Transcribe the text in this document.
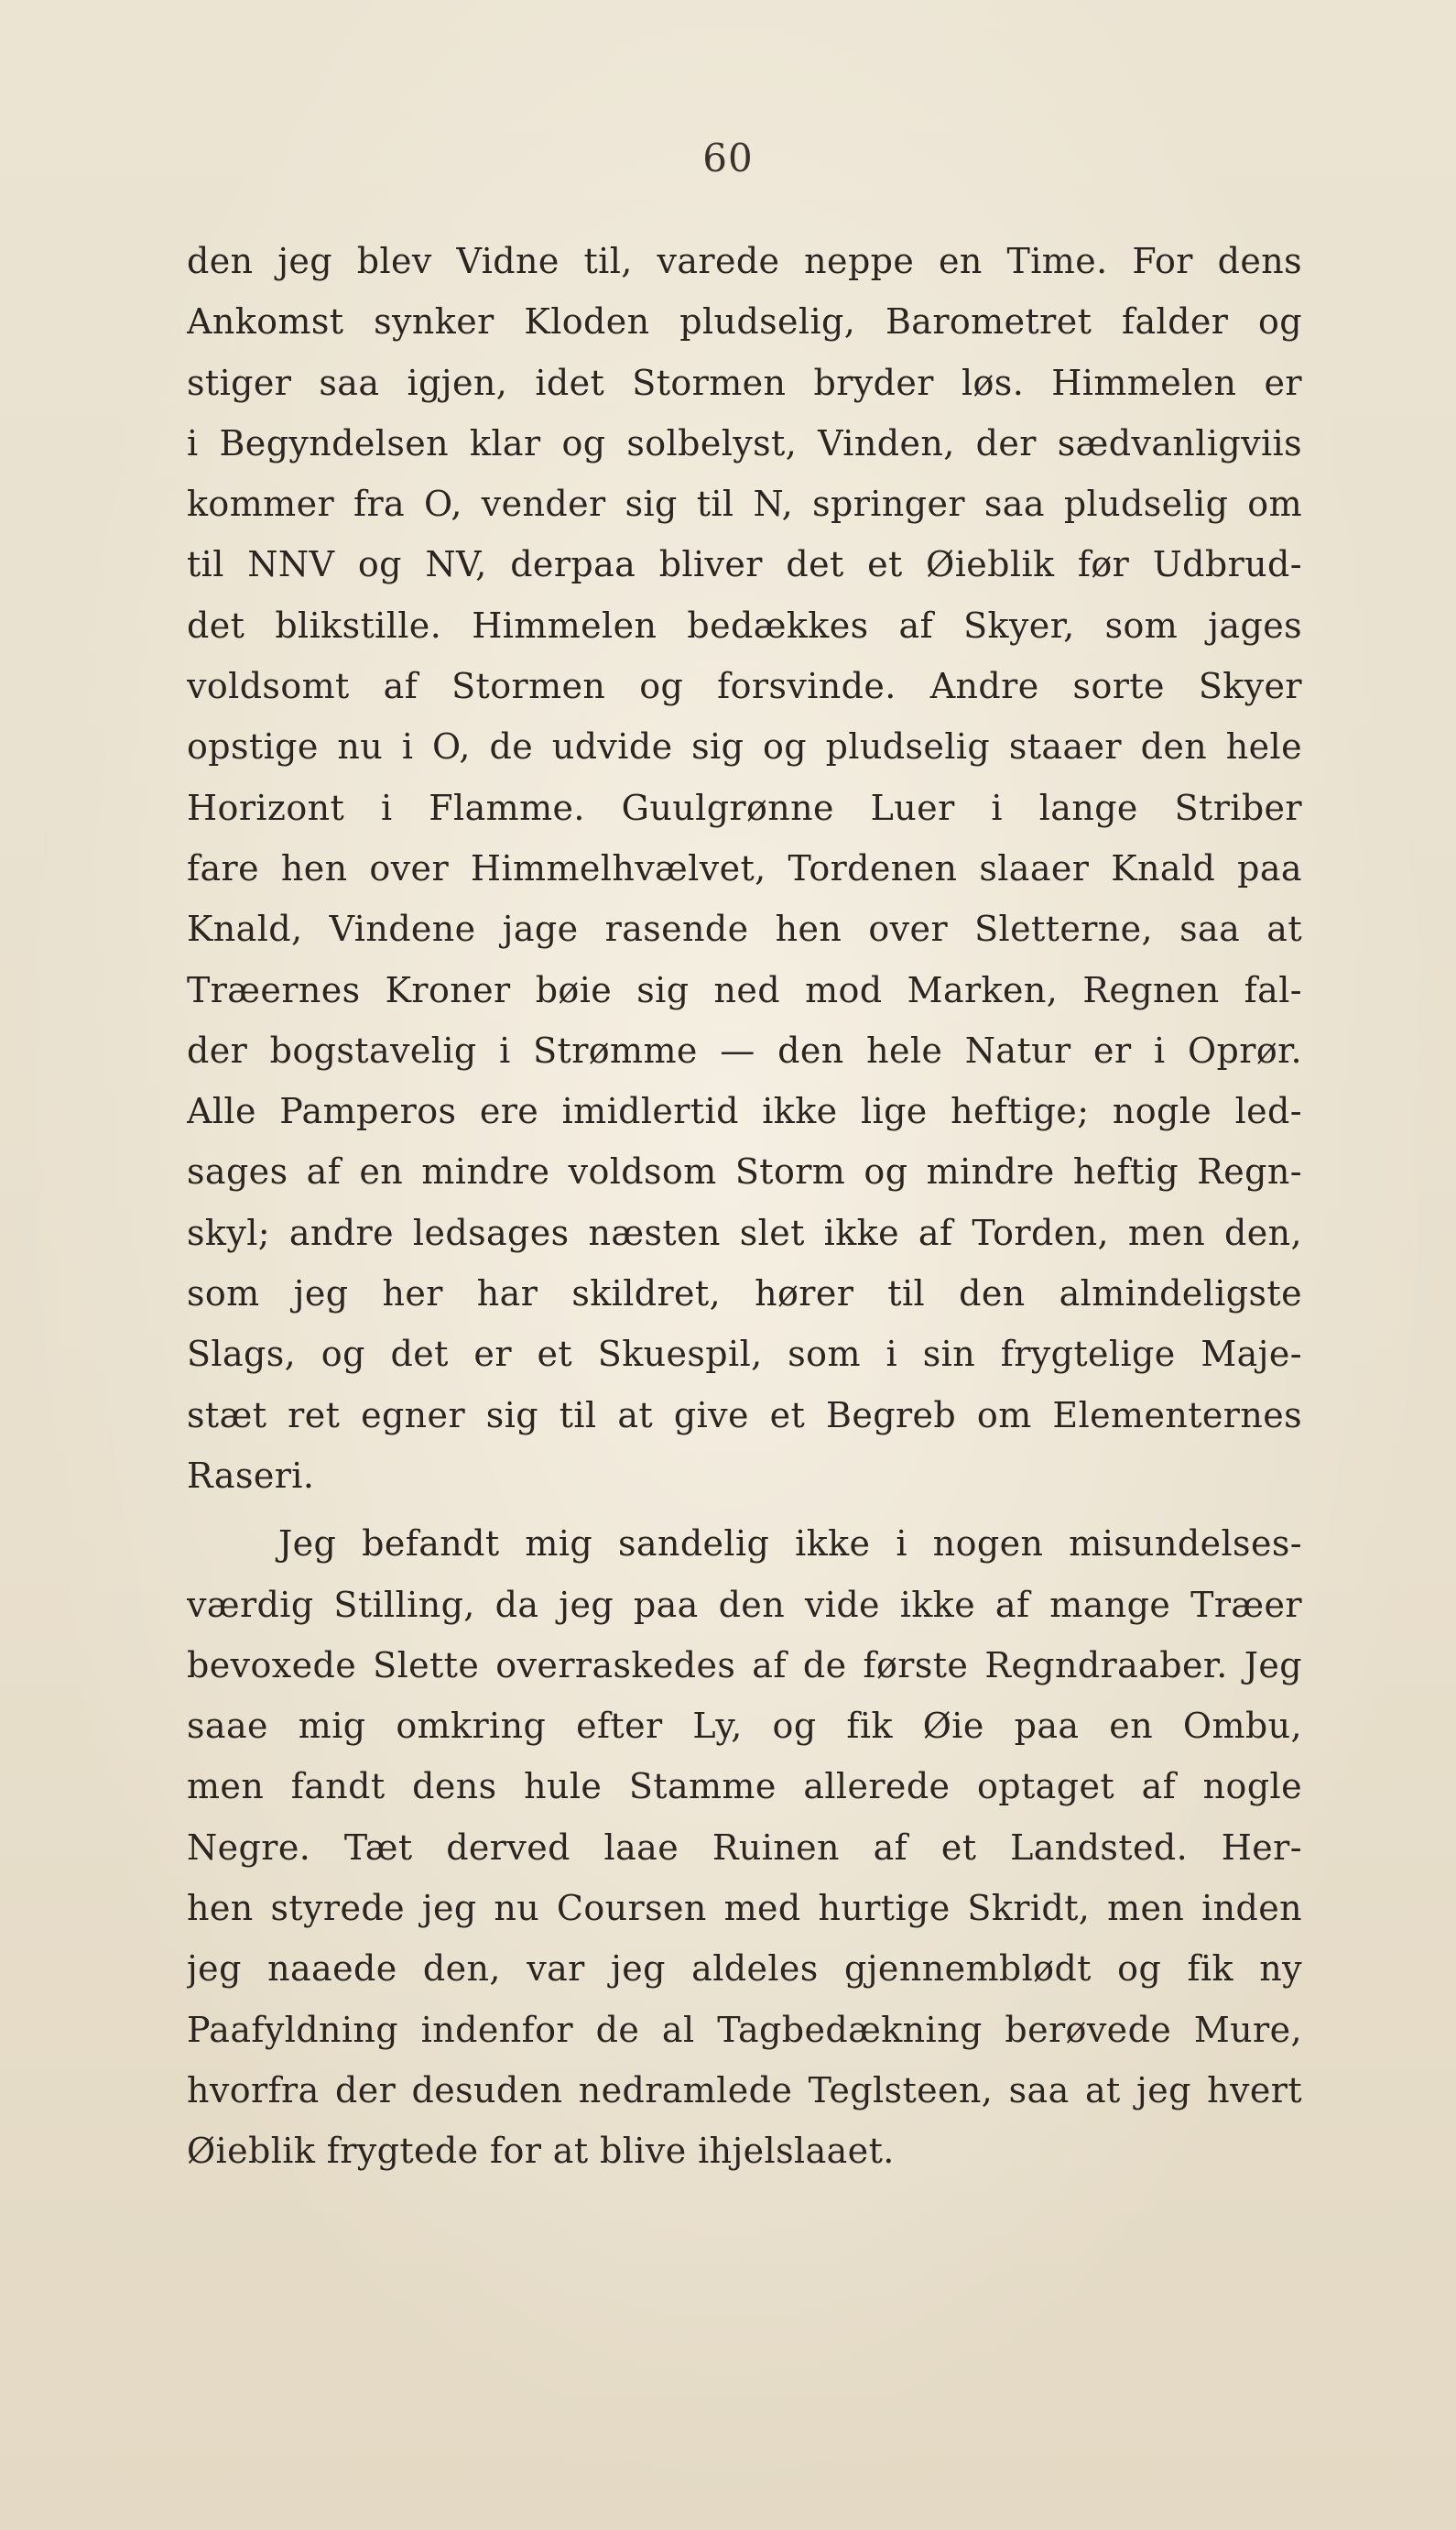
60
den jeg blev Vidne til, varede neppe en Time. For dens
Ankomst synker Kloden pludselig, Barometret falder og
stiger saa igjen, idet Stormen bryder løs. Himmelen er
i Begyndelsen klar og solbelyst, Vinden, der sædvanligviis
kommer fra O, vender sig til N, springer saa pludselig om
til NNV og NV, derpaa bliver det et Øieblik før Udbrud-
det blikstille. Himmelen bedækkes af Skyer, som jages
voldsomt af Stormen og forsvinde. Andre sorte Skyer
opstige nu i O, de udvide sig og pludselig staaer den hele
Horizont i Flamme. Guulgrønne Luer i lange Striber
fare hen over Himmelhvælvet, Tordenen slaaer Knald paa
Knald, Vindene jage rasende hen over Sletterne, saa at
Træernes Kroner bøie sig ned mod Marken, Regnen fal-
der bogstavelig i Strømme — den hele Natur er i Oprør.
Alle Pamperos ere imidlertid ikke lige heftige; nogle led-
sages af en mindre voldsom Storm og mindre heftig Regn-
skyl; andre ledsages næsten slet ikke af Torden, men den,
som jeg her har skildret, hører til den almindeligste
Slags, og det er et Skuespil, som i sin frygtelige Maje-
stæt ret egner sig til at give et Begreb om Elementernes
Raseri.
Jeg befandt mig sandelig ikke i nogen misundelses-
værdig Stilling, da jeg paa den vide ikke af mange Træer
bevoxede Slette overraskedes af de første Regndraaber. Jeg
saae mig omkring efter Ly, og fik Øie paa en Ombu,
men fandt dens hule Stamme allerede optaget af nogle
Negre. Tæt derved laae Ruinen af et Landsted. Her-
hen styrede jeg nu Coursen med hurtige Skridt, men inden
jeg naaede den, var jeg aldeles gjennemblødt og fik ny
Paafyldning indenfor de al Tagbedækning berøvede Mure,
hvorfra der desuden nedramlede Teglsteen, saa at jeg hvert
Øieblik frygtede for at blive ihjelslaaet.
